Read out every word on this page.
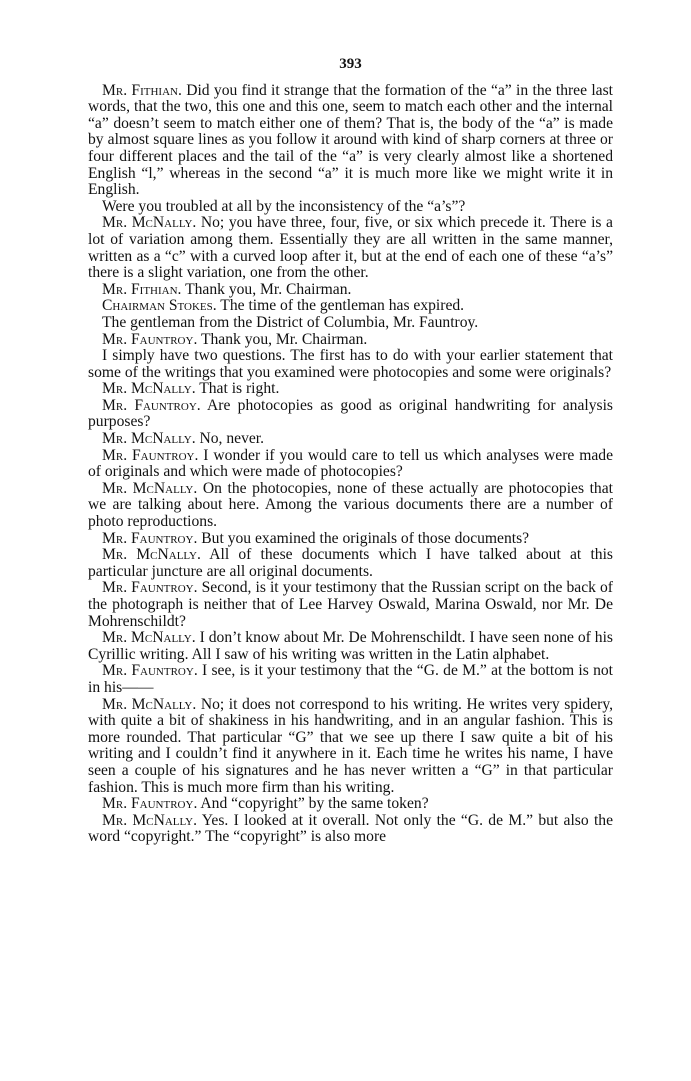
393

Mr. Fithian. Did you find it strange that the formation of the “a” in the three last words, that the two, this one and this one, seem to match each other and the internal “a” doesn’t seem to match either one of them? That is, the body of the “a” is made by almost square lines as you follow it around with kind of sharp corners at three or four different places and the tail of the “a” is very clearly almost like a shortened English “l,” whereas in the second “a” it is much more like we might write it in English.

Were you troubled at all by the inconsistency of the “a’s”?

Mr. McNally. No; you have three, four, five, or six which precede it. There is a lot of variation among them. Essentially they are all written in the same manner, written as a “c” with a curved loop after it, but at the end of each one of these “a’s” there is a slight variation, one from the other.

Mr. Fithian. Thank you, Mr. Chairman.

Chairman Stokes. The time of the gentleman has expired.

The gentleman from the District of Columbia, Mr. Fauntroy.

Mr. Fauntroy. Thank you, Mr. Chairman.

I simply have two questions. The first has to do with your earlier statement that some of the writings that you examined were photocopies and some were originals?

Mr. McNally. That is right.

Mr. Fauntroy. Are photocopies as good as original handwriting for analysis purposes?

Mr. McNally. No, never.

Mr. Fauntroy. I wonder if you would care to tell us which analyses were made of originals and which were made of photocopies?

Mr. McNally. On the photocopies, none of these actually are photocopies that we are talking about here. Among the various documents there are a number of photo reproductions.

Mr. Fauntroy. But you examined the originals of those documents?

Mr. McNally. All of these documents which I have talked about at this particular juncture are all original documents.

Mr. Fauntroy. Second, is it your testimony that the Russian script on the back of the photograph is neither that of Lee Harvey Oswald, Marina Oswald, nor Mr. De Mohrenschildt?

Mr. McNally. I don’t know about Mr. De Mohrenschildt. I have seen none of his Cyrillic writing. All I saw of his writing was written in the Latin alphabet.

Mr. Fauntroy. I see, is it your testimony that the “G. de M.” at the bottom is not in his——

Mr. McNally. No; it does not correspond to his writing. He writes very spidery, with quite a bit of shakiness in his handwriting, and in an angular fashion. This is more rounded. That particular “G” that we see up there I saw quite a bit of his writing and I couldn’t find it anywhere in it. Each time he writes his name, I have seen a couple of his signatures and he has never written a “G” in that particular fashion. This is much more firm than his writing.

Mr. Fauntroy. And “copyright” by the same token?

Mr. McNally. Yes. I looked at it overall. Not only the “G. de M.” but also the word “copyright.” The “copyright” is also more
